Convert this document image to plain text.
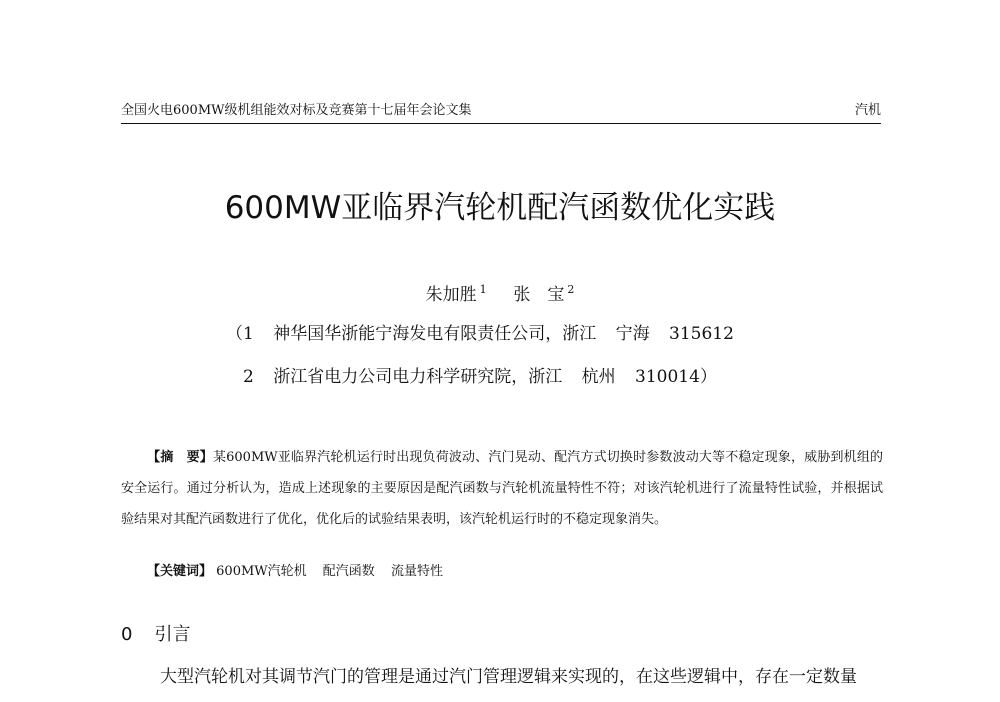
全国火电600MW级机组能效对标及竞赛第十七届年会论文集	汽机
600MW亚临界汽轮机配汽函数优化实践
朱加胜 $^1$ 张　宝 $^2$
（1 神华国华浙能宁海发电有限责任公司，浙江 宁海 315612
2 浙江省电力公司电力科学研究院，浙江 杭州 310014）
【摘　要】某600MW亚临界汽轮机运行时出现负荷波动、汽门晃动、配汽方式切换时参数波动大等不稳定现象，威胁到机组的安全运行。通过分析认为，造成上述现象的主要原因是配汽函数与汽轮机流量特性不符；对该汽轮机进行了流量特性试验，并根据试验结果对其配汽函数进行了优化，优化后的试验结果表明，该汽轮机运行时的不稳定现象消失。
【关键词】 600MW汽轮机 配汽函数 流量特性
0 引言
大型汽轮机对其调节汽门的管理是通过汽门管理逻辑来实现的，在这些逻辑中，存在一定数量
